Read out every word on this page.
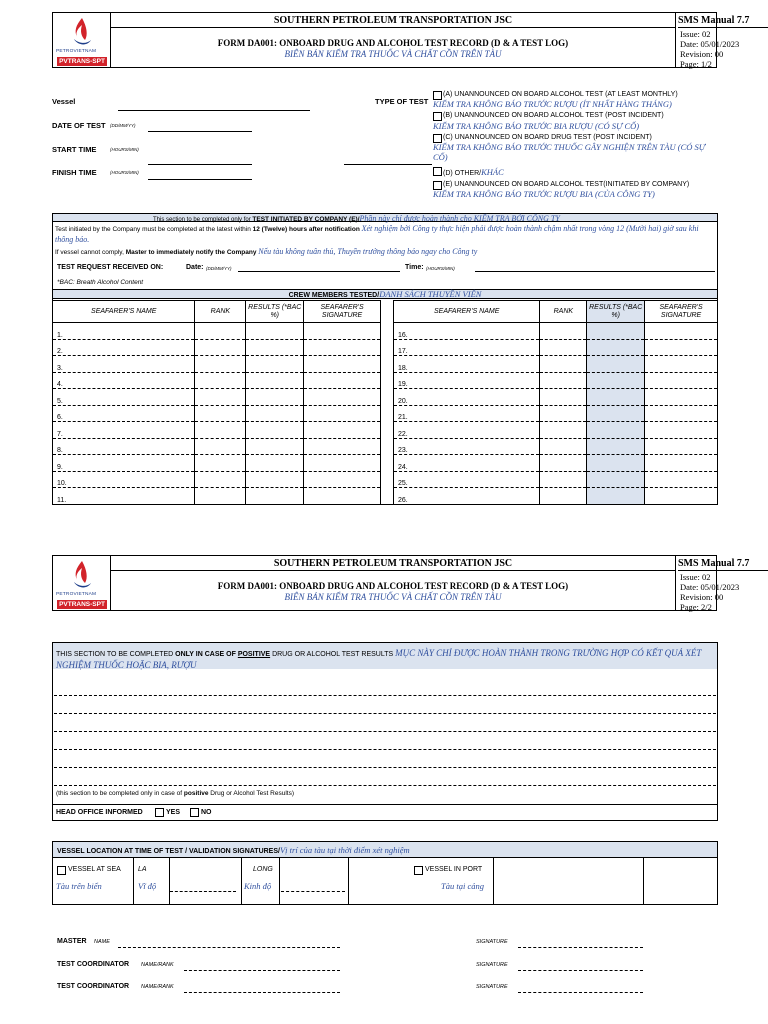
PETROVIETNAM
PVTRANS-SPT
SOUTHERN PETROLEUM TRANSPORTATION JSC
FORM DA001: ONBOARD DRUG AND ALCOHOL TEST RECORD (D & A TEST LOG)
BIÊN BẢN KIỂM TRA THUỐC VÀ CHẤT CỒN TRÊN TÀU
SMS Manual 7.7
Issue: 02
Date: 05/01/2023
Revision: 00
Page: 1/2
Vessel
DATE OF TEST (DD/MM/YY)
START TIME	(HOURS/MIN)
FINISH TIME	(HOURS/MIN)
TYPE OF TEST
(A) UNANNOUNCED ON BOARD ALCOHOL TEST (AT LEAST MONTHLY)
KIỂM TRA KHÔNG BÁO TRƯỚC RƯỢU (ÍT NHẤT HÀNG THÁNG)
(B) UNANNOUNCED ON BOARD ALCOHOL TEST (POST INCIDENT)
KIỂM TRA KHÔNG BÁO TRƯỚC BIA RƯỢU (CÓ SỰ CỐ)
(C) UNANNOUNCED ON BOARD DRUG TEST (POST INCIDENT)
KIỂM TRA KHÔNG BÁO TRƯỚC THUỐC GÂY NGHIỆN TRÊN TÀU (CÓ SỰ CỐ)
(D) OTHER/KHÁC
(E) UNANNOUNCED ON BOARD ALCOHOL TEST(INITIATED BY COMPANY)
KIỂM TRA KHÔNG BÁO TRƯỚC RƯỢU BIA (CỦA CÔNG TY)
This section to be completed only for TEST INITIATED BY COMPANY (E)/Phần này chỉ được hoàn thành cho KIỂM TRA BỞI CÔNG TY
Test initiated by the Company must be completed at the latest within 12 (Twelve) hours after notification Xét nghiệm bởi Công ty thực hiện phải được hoàn thành chậm nhất trong vòng 12 (Mười hai) giờ sau khi thông báo.
If vessel cannot comply, Master to immediately notify the Company Nếu tàu không tuân thủ, Thuyền trưởng thông báo ngay cho Công ty
TEST REQUEST RECEIVED ON:	Date: (DD/MM/YY)	Time: (HOURS/MIN)
*BAC: Breath Alcohol Content
CREW MEMBERS TESTED/DANH SÁCH THUYỀN VIÊN
SEAFARER'S NAME	RANK	RESULTS (*BAC %)	SEAFARER'S SIGNATURE
1.			
2.			
3.			
4.			
5.			
6.			
7.			
8.			
9.			
10.			
11.			
SEAFARER'S NAME	RANK	RESULTS (*BAC %)	SEAFARER'S SIGNATURE
16.			
17.			
18.			
19.			
20.			
21.			
22.			
23.			
24.			
25.			
26.			
PETROVIETNAM
PVTRANS-SPT
SOUTHERN PETROLEUM TRANSPORTATION JSC
FORM DA001: ONBOARD DRUG AND ALCOHOL TEST RECORD (D & A TEST LOG)
BIÊN BẢN KIỂM TRA THUỐC VÀ CHẤT CỒN TRÊN TÀU
SMS Manual 7.7
Issue: 02
Date: 05/01/2023
Revision: 00
Page: 2/2
THIS SECTION TO BE COMPLETED ONLY IN CASE OF POSITIVE DRUG OR ALCOHOL TEST RESULTS MỤC NÀY CHỈ ĐƯỢC HOÀN THÀNH TRONG TRƯỜNG HỢP CÓ KẾT QUẢ XÉT NGHIỆM THUỐC HOẶC BIA, RƯỢU
(this section to be completed only in case of positive Drug or Alcohol Test Results)
HEAD OFFICE INFORMED	YES	NO
VESSEL LOCATION AT TIME OF TEST / VALIDATION SIGNATURES/Vị trí của tàu tại thời điểm xét nghiệm
VESSEL AT SEA
Tàu trên biển
LA
Vĩ độ
LONG
Kinh độ
VESSEL IN PORT
Tàu tại cảng
MASTER NAME	SIGNATURE
TEST COORDINATOR NAME/RANK	SIGNATURE
TEST COORDINATOR NAME/RANK	SIGNATURE
